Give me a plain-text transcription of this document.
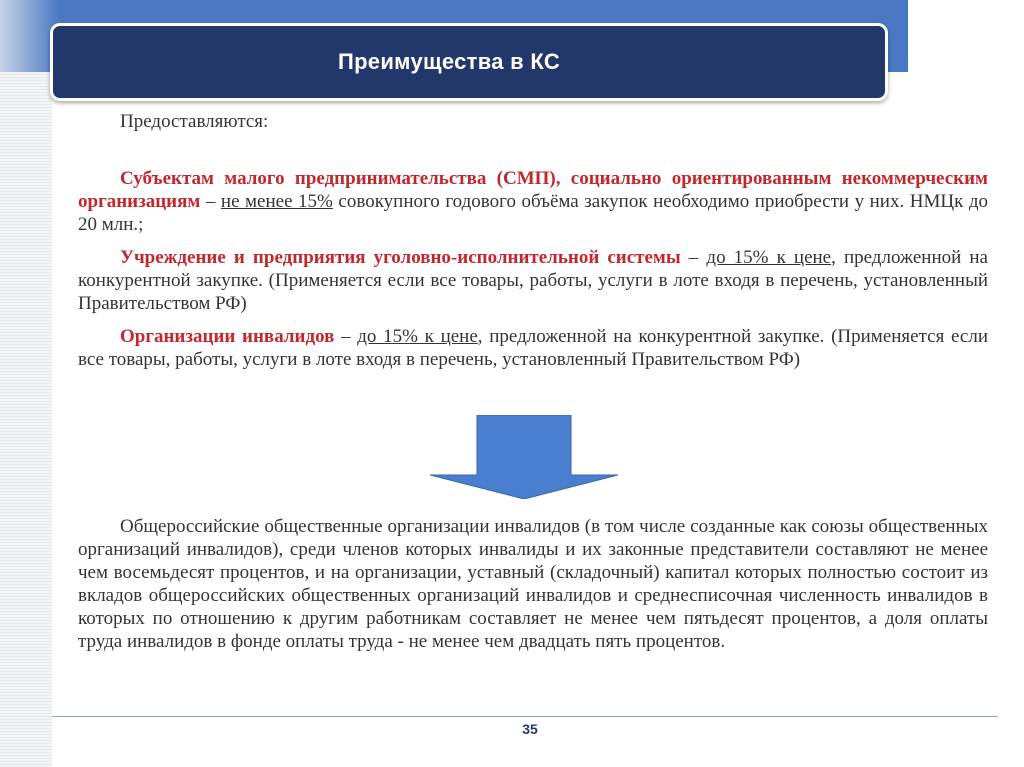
Преимущества в КС

Предоставляются:

Субъектам малого предпринимательства (СМП), социально ориентированным некоммерческим организациям – не менее 15% совокупного годового объёма закупок необходимо приобрести у них. НМЦк до 20 млн.;

Учреждение и предприятия уголовно-исполнительной системы – до 15% к цене, предложенной на конкурентной закупке. (Применяется если все товары, работы, услуги в лоте входя в перечень, установленный Правительством РФ)

Организации инвалидов – до 15% к цене, предложенной на конкурентной закупке. (Применяется если все товары, работы, услуги в лоте входя в перечень, установленный Правительством РФ)

Общероссийские общественные организации инвалидов (в том числе созданные как союзы общественных организаций инвалидов), среди членов которых инвалиды и их законные представители составляют не менее чем восемьдесят процентов, и на организации, уставный (складочный) капитал которых полностью состоит из вкладов общероссийских общественных организаций инвалидов и среднесписочная численность инвалидов в которых по отношению к другим работникам составляет не менее чем пятьдесят процентов, а доля оплаты труда инвалидов в фонде оплаты труда - не менее чем двадцать пять процентов.

35
